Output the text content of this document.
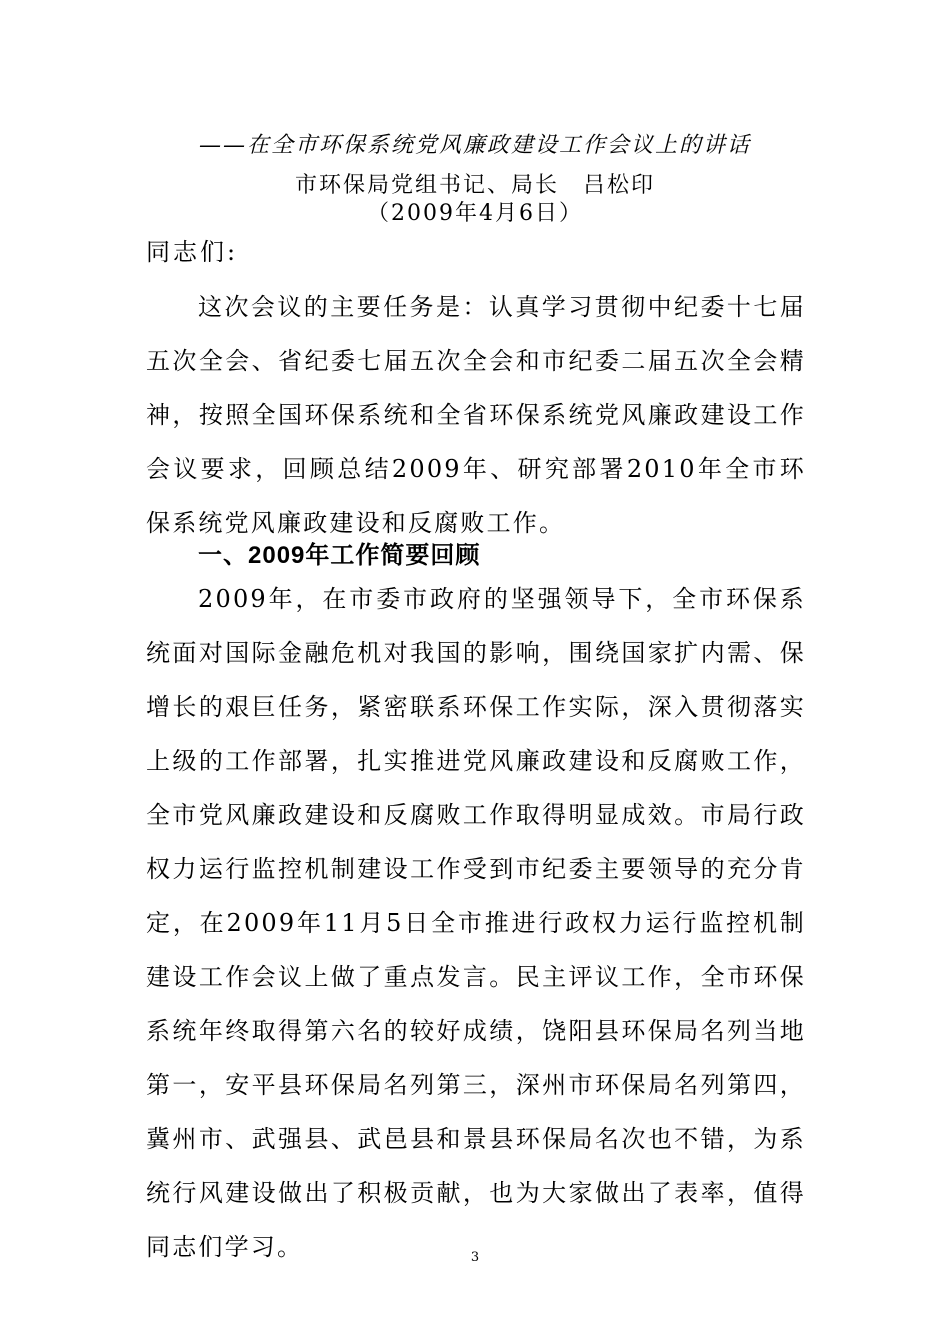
——在全市环保系统党风廉政建设工作会议上的讲话
市环保局党组书记、局长　吕松印
（2009年4月6日）
同志们:

这次会议的主要任务是：认真学习贯彻中纪委十七届五次全会、省纪委七届五次全会和市纪委二届五次全会精神，按照全国环保系统和全省环保系统党风廉政建设工作会议要求，回顾总结2009年、研究部署2010年全市环保系统党风廉政建设和反腐败工作。

一、2009年工作简要回顾

2009年，在市委市政府的坚强领导下，全市环保系统面对国际金融危机对我国的影响，围绕国家扩内需、保增长的艰巨任务，紧密联系环保工作实际，深入贯彻落实上级的工作部署，扎实推进党风廉政建设和反腐败工作，全市党风廉政建设和反腐败工作取得明显成效。市局行政权力运行监控机制建设工作受到市纪委主要领导的充分肯定，在2009年11月5日全市推进行政权力运行监控机制建设工作会议上做了重点发言。民主评议工作，全市环保系统年终取得第六名的较好成绩，饶阳县环保局名列当地第一，安平县环保局名列第三，深州市环保局名列第四，冀州市、武强县、武邑县和景县环保局名次也不错，为系统行风建设做出了积极贡献，也为大家做出了表率，值得同志们学习。	3
